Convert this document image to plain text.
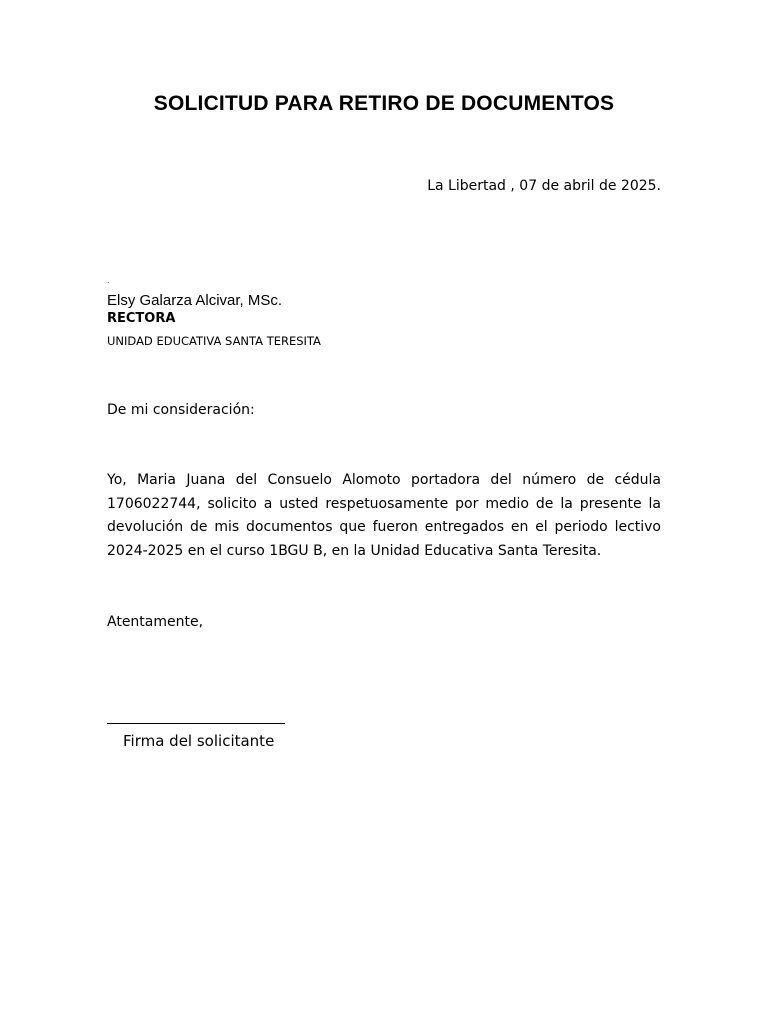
SOLICITUD PARA RETIRO DE DOCUMENTOS
La Libertad , 07 de abril de 2025.
.
Elsy Galarza Alcivar, MSc.
RECTORA
UNIDAD EDUCATIVA SANTA TERESITA
De mi consideración:

Yo, Maria Juana del Consuelo Alomoto portadora del número de cédula 1706022744, solicito a usted respetuosamente por medio de la presente la devolución de mis documentos que fueron entregados en el periodo lectivo 2024-2025 en el curso 1BGU B, en la Unidad Educativa Santa Teresita.

Atentamente,
Firma del solicitante
